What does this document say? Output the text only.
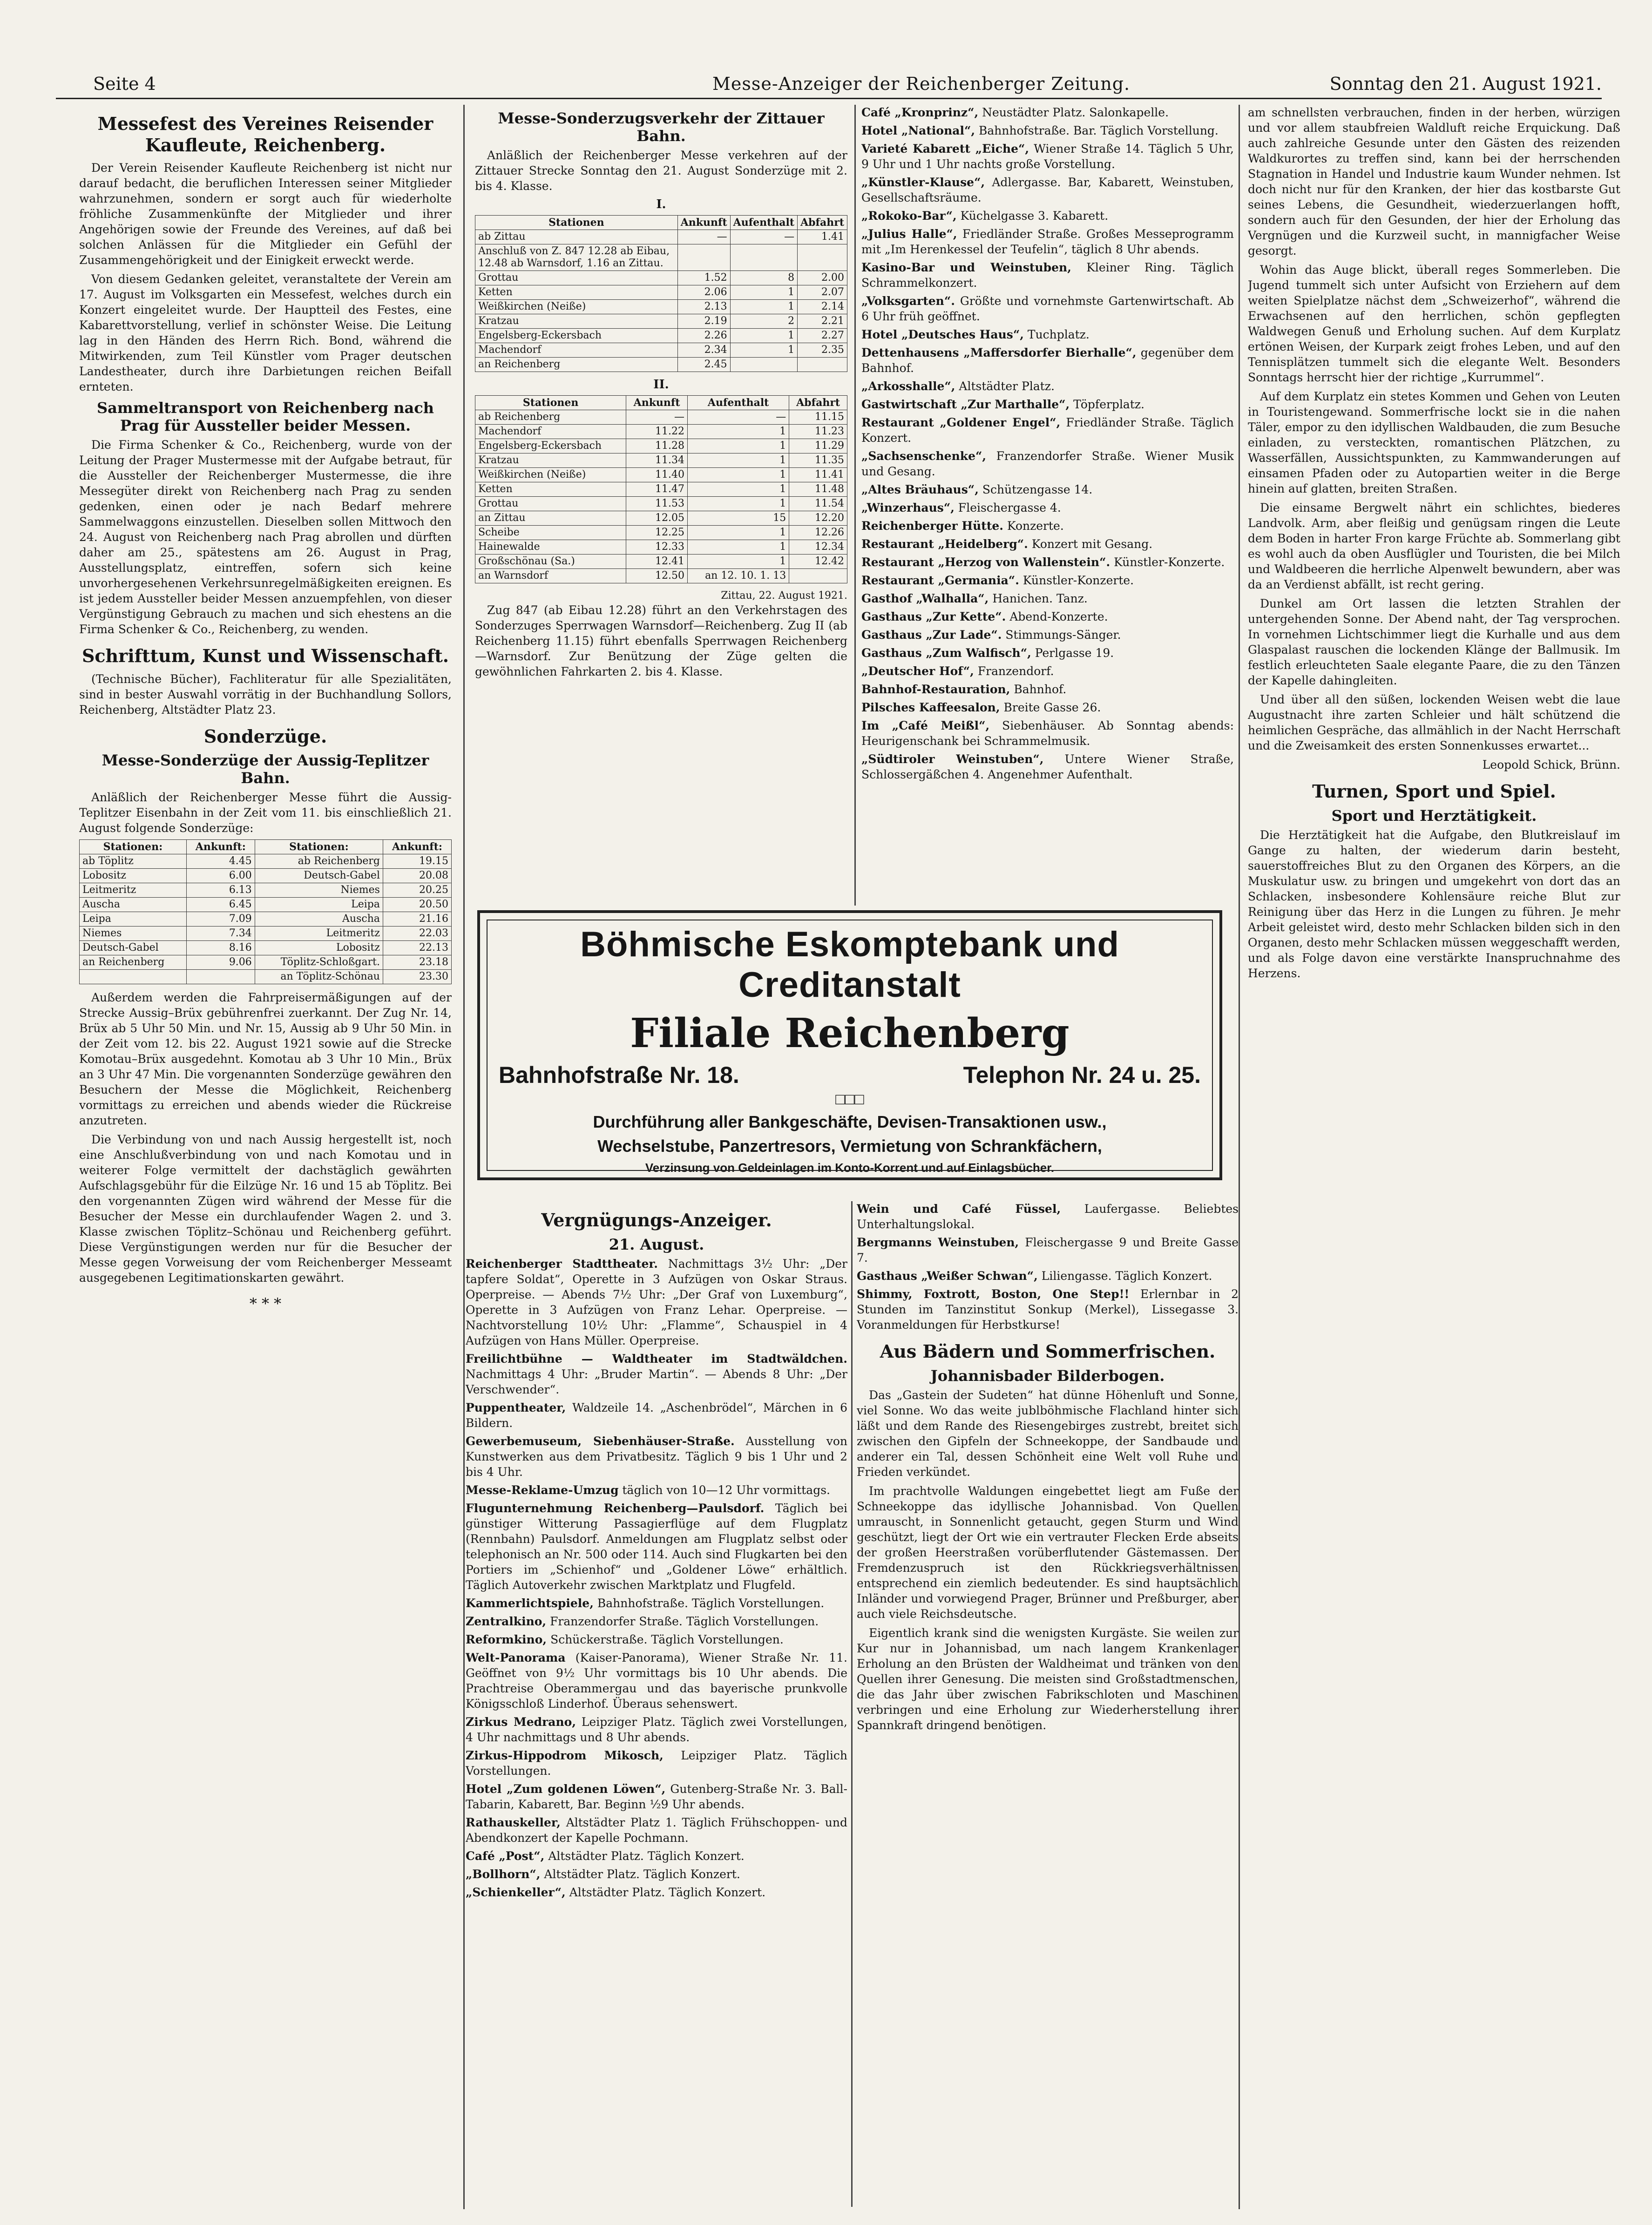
Seite 4	Messe-Anzeiger der Reichenberger Zeitung.	Sonntag den 21. August 1921.
Messefest des Vereines Reisender Kaufleute, Reichenberg.

Der Verein Reisender Kaufleute Reichenberg ist nicht nur darauf bedacht, die beruflichen Interessen seiner Mitglieder wahrzunehmen, sondern er sorgt auch für wiederholte fröhliche Zusammenkünfte der Mitglieder und ihrer Angehörigen sowie der Freunde des Vereines, auf daß bei solchen Anlässen für die Mitglieder ein Gefühl der Zusammengehörigkeit und der Einigkeit erweckt werde.

Von diesem Gedanken geleitet, veranstaltete der Verein am 17. August im Volksgarten ein Messefest, welches durch ein Konzert eingeleitet wurde. Der Hauptteil des Festes, eine Kabarettvorstellung, verlief in schönster Weise. Die Leitung lag in den Händen des Herrn Rich. Bond, während die Mitwirkenden, zum Teil Künstler vom Prager deutschen Landestheater, durch ihre Darbietungen reichen Beifall ernteten.

Sammeltransport von Reichenberg nach Prag für Aussteller beider Messen.

Die Firma Schenker & Co., Reichenberg, wurde von der Leitung der Prager Mustermesse mit der Aufgabe betraut, für die Aussteller der Reichenberger Mustermesse, die ihre Messegüter direkt von Reichenberg nach Prag zu senden gedenken, einen oder je nach Bedarf mehrere Sammelwaggons einzustellen. Dieselben sollen Mittwoch den 24. August von Reichenberg nach Prag abrollen und dürften daher am 25., spätestens am 26. August in Prag, Ausstellungsplatz, eintreffen, sofern sich keine unvorhergesehenen Verkehrsunregelmäßigkeiten ereignen. Es ist jedem Aussteller beider Messen anzuempfehlen, von dieser Vergünstigung Gebrauch zu machen und sich ehestens an die Firma Schenker & Co., Reichenberg, zu wenden.

Schrifttum, Kunst und Wissenschaft.

(Technische Bücher), Fachliteratur für alle Spezialitäten, sind in bester Auswahl vorrätig in der Buchhandlung Sollors, Reichenberg, Altstädter Platz 23.

Sonderzüge.
Messe-Sonderzüge der Aussig-Teplitzer Bahn.

Anläßlich der Reichenberger Messe führt die Aussig-Teplitzer Eisenbahn in der Zeit vom 11. bis einschließlich 21. August folgende Sonderzüge:

Stationen:	Ankunft:	Stationen:	Ankunft:
ab Töplitz	4.45	ab Reichenberg	19.15
Lobositz	6.00	Deutsch-Gabel	20.08
Leitmeritz	6.13	Niemes	20.25
Auscha	6.45	Leipa	20.50
Leipa	7.09	Auscha	21.16
Niemes	7.34	Leitmeritz	22.03
Deutsch-Gabel	8.16	Lobositz	22.13
an Reichenberg	9.06	Töplitz-Schloßgart.	23.18
		an Töplitz-Schönau	23.30

Außerdem werden die Fahrpreisermäßigungen auf der Strecke Aussig–Brüx gebührenfrei zuerkannt. Der Zug Nr. 14, Brüx ab 5 Uhr 50 Min. und Nr. 15, Aussig ab 9 Uhr 50 Min. in der Zeit vom 12. bis 22. August 1921 sowie auf die Strecke Komotau–Brüx ausgedehnt. Komotau ab 3 Uhr 10 Min., Brüx an 3 Uhr 47 Min. Die vorgenannten Sonderzüge gewähren den Besuchern der Messe die Möglichkeit, Reichenberg vormittags zu erreichen und abends wieder die Rückreise anzutreten.

Die Verbindung von und nach Aussig hergestellt ist, noch eine Anschlußverbindung von und nach Komotau und in weiterer Folge vermittelt der dachstäglich gewährten Aufschlagsgebühr für die Eilzüge Nr. 16 und 15 ab Töplitz. Bei den vorgenannten Zügen wird während der Messe für die Besucher der Messe ein durchlaufender Wagen 2. und 3. Klasse zwischen Töplitz–Schönau und Reichenberg geführt. Diese Vergünstigungen werden nur für die Besucher der Messe gegen Vorweisung der vom Reichenberger Messeamt ausgegebenen Legitimationskarten gewährt.

* * *
Messe-Sonderzugsverkehr der Zittauer Bahn.

Anläßlich der Reichenberger Messe verkehren auf der Zittauer Strecke Sonntag den 21. August Sonderzüge mit 2. bis 4. Klasse.

I.
Stationen	Ankunft	Aufenthalt	Abfahrt
ab Zittau	—	—	1.41
Anschluß von Z. 847 12.28 ab Eibau, 12.48 ab Warnsdorf, 1.16 an Zittau.			
Grottau	1.52	8	2.00
Ketten	2.06	1	2.07
Weißkirchen (Neiße)	2.13	1	2.14
Kratzau	2.19	2	2.21
Engelsberg-Eckersbach	2.26	1	2.27
Machendorf	2.34	1	2.35
an Reichenberg	2.45		
II.
Stationen	Ankunft	Aufenthalt	Abfahrt
ab Reichenberg	—	—	11.15
Machendorf	11.22	1	11.23
Engelsberg-Eckersbach	11.28	1	11.29
Kratzau	11.34	1	11.35
Weißkirchen (Neiße)	11.40	1	11.41
Ketten	11.47	1	11.48
Grottau	11.53	1	11.54
an Zittau	12.05	15	12.20
Scheibe	12.25	1	12.26
Hainewalde	12.33	1	12.34
Großschönau (Sa.)	12.41	1	12.42
an Warnsdorf	12.50	an 12. 10. 1. 13	
Zittau, 22. August 1921.

Zug 847 (ab Eibau 12.28) führt an den Verkehrstagen des Sonderzuges Sperrwagen Warnsdorf—Reichenberg. Zug II (ab Reichenberg 11.15) führt ebenfalls Sperrwagen Reichenberg—Warnsdorf. Zur Benützung der Züge gelten die gewöhnlichen Fahrkarten 2. bis 4. Klasse.

Café „Kronprinz“, Neustädter Platz. Salonkapelle.

Hotel „National“, Bahnhofstraße. Bar. Täglich Vorstellung.

Varieté Kabarett „Eiche“, Wiener Straße 14. Täglich 5 Uhr, 9 Uhr und 1 Uhr nachts große Vorstellung.

„Künstler-Klause“, Adlergasse. Bar, Kabarett, Weinstuben, Gesellschaftsräume.

„Rokoko-Bar“, Küchelgasse 3. Kabarett.

„Julius Halle“, Friedländer Straße. Großes Messeprogramm mit „Im Herenkessel der Teufelin“, täglich 8 Uhr abends.

Kasino-Bar und Weinstuben, Kleiner Ring. Täglich Schrammelkonzert.

„Volksgarten“. Größte und vornehmste Gartenwirtschaft. Ab 6 Uhr früh geöffnet.

Hotel „Deutsches Haus“, Tuchplatz.

Dettenhausens „Maffersdorfer Bierhalle“, gegenüber dem Bahnhof.

„Arkosshalle“, Altstädter Platz.

Gastwirtschaft „Zur Marthalle“, Töpferplatz.

Restaurant „Goldener Engel“, Friedländer Straße. Täglich Konzert.

„Sachsenschenke“, Franzendorfer Straße. Wiener Musik und Gesang.

„Altes Bräuhaus“, Schützengasse 14.

„Winzerhaus“, Fleischergasse 4.

Reichenberger Hütte. Konzerte.

Restaurant „Heidelberg“. Konzert mit Gesang.

Restaurant „Herzog von Wallenstein“. Künstler-Konzerte.

Restaurant „Germania“. Künstler-Konzerte.

Gasthof „Walhalla“, Hanichen. Tanz.

Gasthaus „Zur Kette“. Abend-Konzerte.

Gasthaus „Zur Lade“. Stimmungs-Sänger.

Gasthaus „Zum Walfisch“, Perlgasse 19.

„Deutscher Hof“, Franzendorf.

Bahnhof-Restauration, Bahnhof.

Pilsches Kaffeesalon, Breite Gasse 26.

Im „Café Meißl“, Siebenhäuser. Ab Sonntag abends: Heurigenschank bei Schrammelmusik.

„Südtiroler Weinstuben“, Untere Wiener Straße, Schlossergäßchen 4. Angenehmer Aufenthalt.

am schnellsten verbrauchen, finden in der herben, würzigen und vor allem staubfreien Waldluft reiche Erquickung. Daß auch zahlreiche Gesunde unter den Gästen des reizenden Waldkurortes zu treffen sind, kann bei der herrschenden Stagnation in Handel und Industrie kaum Wunder nehmen. Ist doch nicht nur für den Kranken, der hier das kostbarste Gut seines Lebens, die Gesundheit, wiederzuerlangen hofft, sondern auch für den Gesunden, der hier der Erholung das Vergnügen und die Kurzweil sucht, in mannigfacher Weise gesorgt.

Wohin das Auge blickt, überall reges Sommerleben. Die Jugend tummelt sich unter Aufsicht von Erziehern auf dem weiten Spielplatze nächst dem „Schweizerhof“, während die Erwachsenen auf den herrlichen, schön gepflegten Waldwegen Genuß und Erholung suchen. Auf dem Kurplatz ertönen Weisen, der Kurpark zeigt frohes Leben, und auf den Tennisplätzen tummelt sich die elegante Welt. Besonders Sonntags herrscht hier der richtige „Kurrummel“.

Auf dem Kurplatz ein stetes Kommen und Gehen von Leuten in Touristengewand. Sommerfrische lockt sie in die nahen Täler, empor zu den idyllischen Waldbauden, die zum Besuche einladen, zu versteckten, romantischen Plätzchen, zu Wasserfällen, Aussichtspunkten, zu Kammwanderungen auf einsamen Pfaden oder zu Autopartien weiter in die Berge hinein auf glatten, breiten Straßen.

Die einsame Bergwelt nährt ein schlichtes, biederes Landvolk. Arm, aber fleißig und genügsam ringen die Leute dem Boden in harter Fron karge Früchte ab. Sommerlang gibt es wohl auch da oben Ausflügler und Touristen, die bei Milch und Waldbeeren die herrliche Alpenwelt bewundern, aber was da an Verdienst abfällt, ist recht gering.

Dunkel am Ort lassen die letzten Strahlen der untergehenden Sonne. Der Abend naht, der Tag versprochen. In vornehmen Lichtschimmer liegt die Kurhalle und aus dem Glaspalast rauschen die lockenden Klänge der Ballmusik. Im festlich erleuchteten Saale elegante Paare, die zu den Tänzen der Kapelle dahingleiten.

Und über all den süßen, lockenden Weisen webt die laue Augustnacht ihre zarten Schleier und hält schützend die heimlichen Gespräche, das allmählich in der Nacht Herrschaft und die Zweisamkeit des ersten Sonnenkusses erwartet...

Leopold Schick, Brünn.
Turnen, Sport und Spiel.
Sport und Herztätigkeit.

Die Herztätigkeit hat die Aufgabe, den Blutkreislauf im Gange zu halten, der wiederum darin besteht, sauerstoffreiches Blut zu den Organen des Körpers, an die Muskulatur usw. zu bringen und umgekehrt von dort das an Schlacken, insbesondere Kohlensäure reiche Blut zur Reinigung über das Herz in die Lungen zu führen. Je mehr Arbeit geleistet wird, desto mehr Schlacken bilden sich in den Organen, desto mehr Schlacken müssen weggeschafft werden, und als Folge davon eine verstärkte Inanspruchnahme des Herzens.

Böhmische Eskomptebank und Creditanstalt
Filiale Reichenberg
Bahnhofstraße Nr. 18.	Telephon Nr. 24 u. 25.
□□□
Durchführung aller Bankgeschäfte, Devisen-Transaktionen usw.,
Wechselstube, Panzertresors, Vermietung von Schrankfächern,
Verzinsung von Geldeinlagen im Konto-Korrent und auf Einlagsbücher.
Vergnügungs-Anzeiger.
21. August.

Reichenberger Stadttheater. Nachmittags 3½ Uhr: „Der tapfere Soldat“, Operette in 3 Aufzügen von Oskar Straus. Operpreise. — Abends 7½ Uhr: „Der Graf von Luxemburg“, Operette in 3 Aufzügen von Franz Lehar. Operpreise. — Nachtvorstellung 10½ Uhr: „Flamme“, Schauspiel in 4 Aufzügen von Hans Müller. Operpreise.

Freilichtbühne — Waldtheater im Stadtwäldchen. Nachmittags 4 Uhr: „Bruder Martin“. — Abends 8 Uhr: „Der Verschwender“.

Puppentheater, Waldzeile 14. „Aschenbrödel“, Märchen in 6 Bildern.

Gewerbemuseum, Siebenhäuser-Straße. Ausstellung von Kunstwerken aus dem Privatbesitz. Täglich 9 bis 1 Uhr und 2 bis 4 Uhr.

Messe-Reklame-Umzug täglich von 10—12 Uhr vormittags.

Flugunternehmung Reichenberg—Paulsdorf. Täglich bei günstiger Witterung Passagierflüge auf dem Flugplatz (Rennbahn) Paulsdorf. Anmeldungen am Flugplatz selbst oder telephonisch an Nr. 500 oder 114. Auch sind Flugkarten bei den Portiers im „Schienhof“ und „Goldener Löwe“ erhältlich. Täglich Autoverkehr zwischen Marktplatz und Flugfeld.

Kammerlichtspiele, Bahnhofstraße. Täglich Vorstellungen.

Zentralkino, Franzendorfer Straße. Täglich Vorstellungen.

Reformkino, Schückerstraße. Täglich Vorstellungen.

Welt-Panorama (Kaiser-Panorama), Wiener Straße Nr. 11. Geöffnet von 9½ Uhr vormittags bis 10 Uhr abends. Die Prachtreise Oberammergau und das bayerische prunkvolle Königsschloß Linderhof. Überaus sehenswert.

Zirkus Medrano, Leipziger Platz. Täglich zwei Vorstellungen, 4 Uhr nachmittags und 8 Uhr abends.

Zirkus-Hippodrom Mikosch, Leipziger Platz. Täglich Vorstellungen.

Hotel „Zum goldenen Löwen“, Gutenberg-Straße Nr. 3. Ball-Tabarin, Kabarett, Bar. Beginn ½9 Uhr abends.

Rathauskeller, Altstädter Platz 1. Täglich Frühschoppen- und Abendkonzert der Kapelle Pochmann.

Café „Post“, Altstädter Platz. Täglich Konzert.

„Bollhorn“, Altstädter Platz. Täglich Konzert.

„Schienkeller“, Altstädter Platz. Täglich Konzert.

Wein und Café Füssel, Laufergasse. Beliebtes Unterhaltungslokal.

Bergmanns Weinstuben, Fleischergasse 9 und Breite Gasse 7.

Gasthaus „Weißer Schwan“, Liliengasse. Täglich Konzert.

Shimmy, Foxtrott, Boston, One Step!! Erlernbar in 2 Stunden im Tanzinstitut Sonkup (Merkel), Lissegasse 3. Voranmeldungen für Herbstkurse!

Aus Bädern und Sommerfrischen.
Johannisbader Bilderbogen.

Das „Gastein der Sudeten“ hat dünne Höhenluft und Sonne, viel Sonne. Wo das weite jublböhmische Flachland hinter sich läßt und dem Rande des Riesengebirges zustrebt, breitet sich zwischen den Gipfeln der Schneekoppe, der Sandbaude und anderer ein Tal, dessen Schönheit eine Welt voll Ruhe und Frieden verkündet.

Im prachtvolle Waldungen eingebettet liegt am Fuße der Schneekoppe das idyllische Johannisbad. Von Quellen umrauscht, in Sonnenlicht getaucht, gegen Sturm und Wind geschützt, liegt der Ort wie ein vertrauter Flecken Erde abseits der großen Heerstraßen vorüberflutender Gästemassen. Der Fremdenzuspruch ist den Rückkriegsverhältnissen entsprechend ein ziemlich bedeutender. Es sind hauptsächlich Inländer und vorwiegend Prager, Brünner und Preßburger, aber auch viele Reichsdeutsche.

Eigentlich krank sind die wenigsten Kurgäste. Sie weilen zur Kur nur in Johannisbad, um nach langem Krankenlager Erholung an den Brüsten der Waldheimat und tränken von den Quellen ihrer Genesung. Die meisten sind Großstadtmenschen, die das Jahr über zwischen Fabrikschloten und Maschinen verbringen und eine Erholung zur Wiederherstellung ihrer Spannkraft dringend benötigen.
